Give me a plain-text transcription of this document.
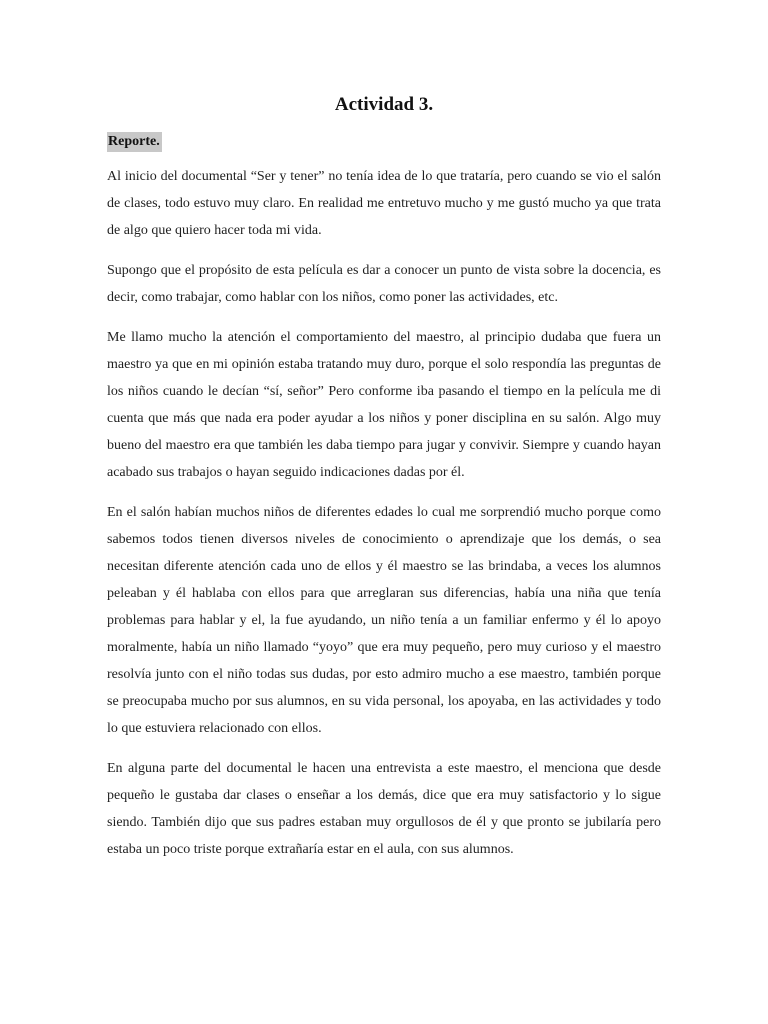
Actividad 3.
Reporte.

Al inicio del documental “Ser y tener” no tenía idea de lo que trataría, pero cuando se vio el salón de clases, todo estuvo muy claro. En realidad me entretuvo mucho y me gustó mucho ya que trata de algo que quiero hacer toda mi vida.

Supongo que el propósito de esta película es dar a conocer un punto de vista sobre la docencia, es decir, como trabajar, como hablar con los niños, como poner las actividades, etc.

Me llamo mucho la atención el comportamiento del maestro, al principio dudaba que fuera un maestro ya que en mi opinión estaba tratando muy duro, porque el solo respondía las preguntas de los niños cuando le decían “sí, señor” Pero conforme iba pasando el tiempo en la película me di cuenta que más que nada era poder ayudar a los niños y poner disciplina en su salón. Algo muy bueno del maestro era que también les daba tiempo para jugar y convivir. Siempre y cuando hayan acabado sus trabajos o hayan seguido indicaciones dadas por él.

En el salón habían muchos niños de diferentes edades lo cual me sorprendió mucho porque como sabemos todos tienen diversos niveles de conocimiento o aprendizaje que los demás, o sea necesitan diferente atención cada uno de ellos y él maestro se las brindaba, a veces los alumnos peleaban y él hablaba con ellos para que arreglaran sus diferencias, había una niña que tenía problemas para hablar y el, la fue ayudando, un niño tenía a un familiar enfermo y él lo apoyo moralmente, había un niño llamado “yoyo” que era muy pequeño, pero muy curioso y el maestro resolvía junto con el niño todas sus dudas, por esto admiro mucho a ese maestro, también porque se preocupaba mucho por sus alumnos, en su vida personal, los apoyaba, en las actividades y todo lo que estuviera relacionado con ellos.

En alguna parte del documental le hacen una entrevista a este maestro, el menciona que desde pequeño le gustaba dar clases o enseñar a los demás, dice que era muy satisfactorio y lo sigue siendo. También dijo que sus padres estaban muy orgullosos de él y que pronto se jubilaría pero estaba un poco triste porque extrañaría estar en el aula, con sus alumnos.
